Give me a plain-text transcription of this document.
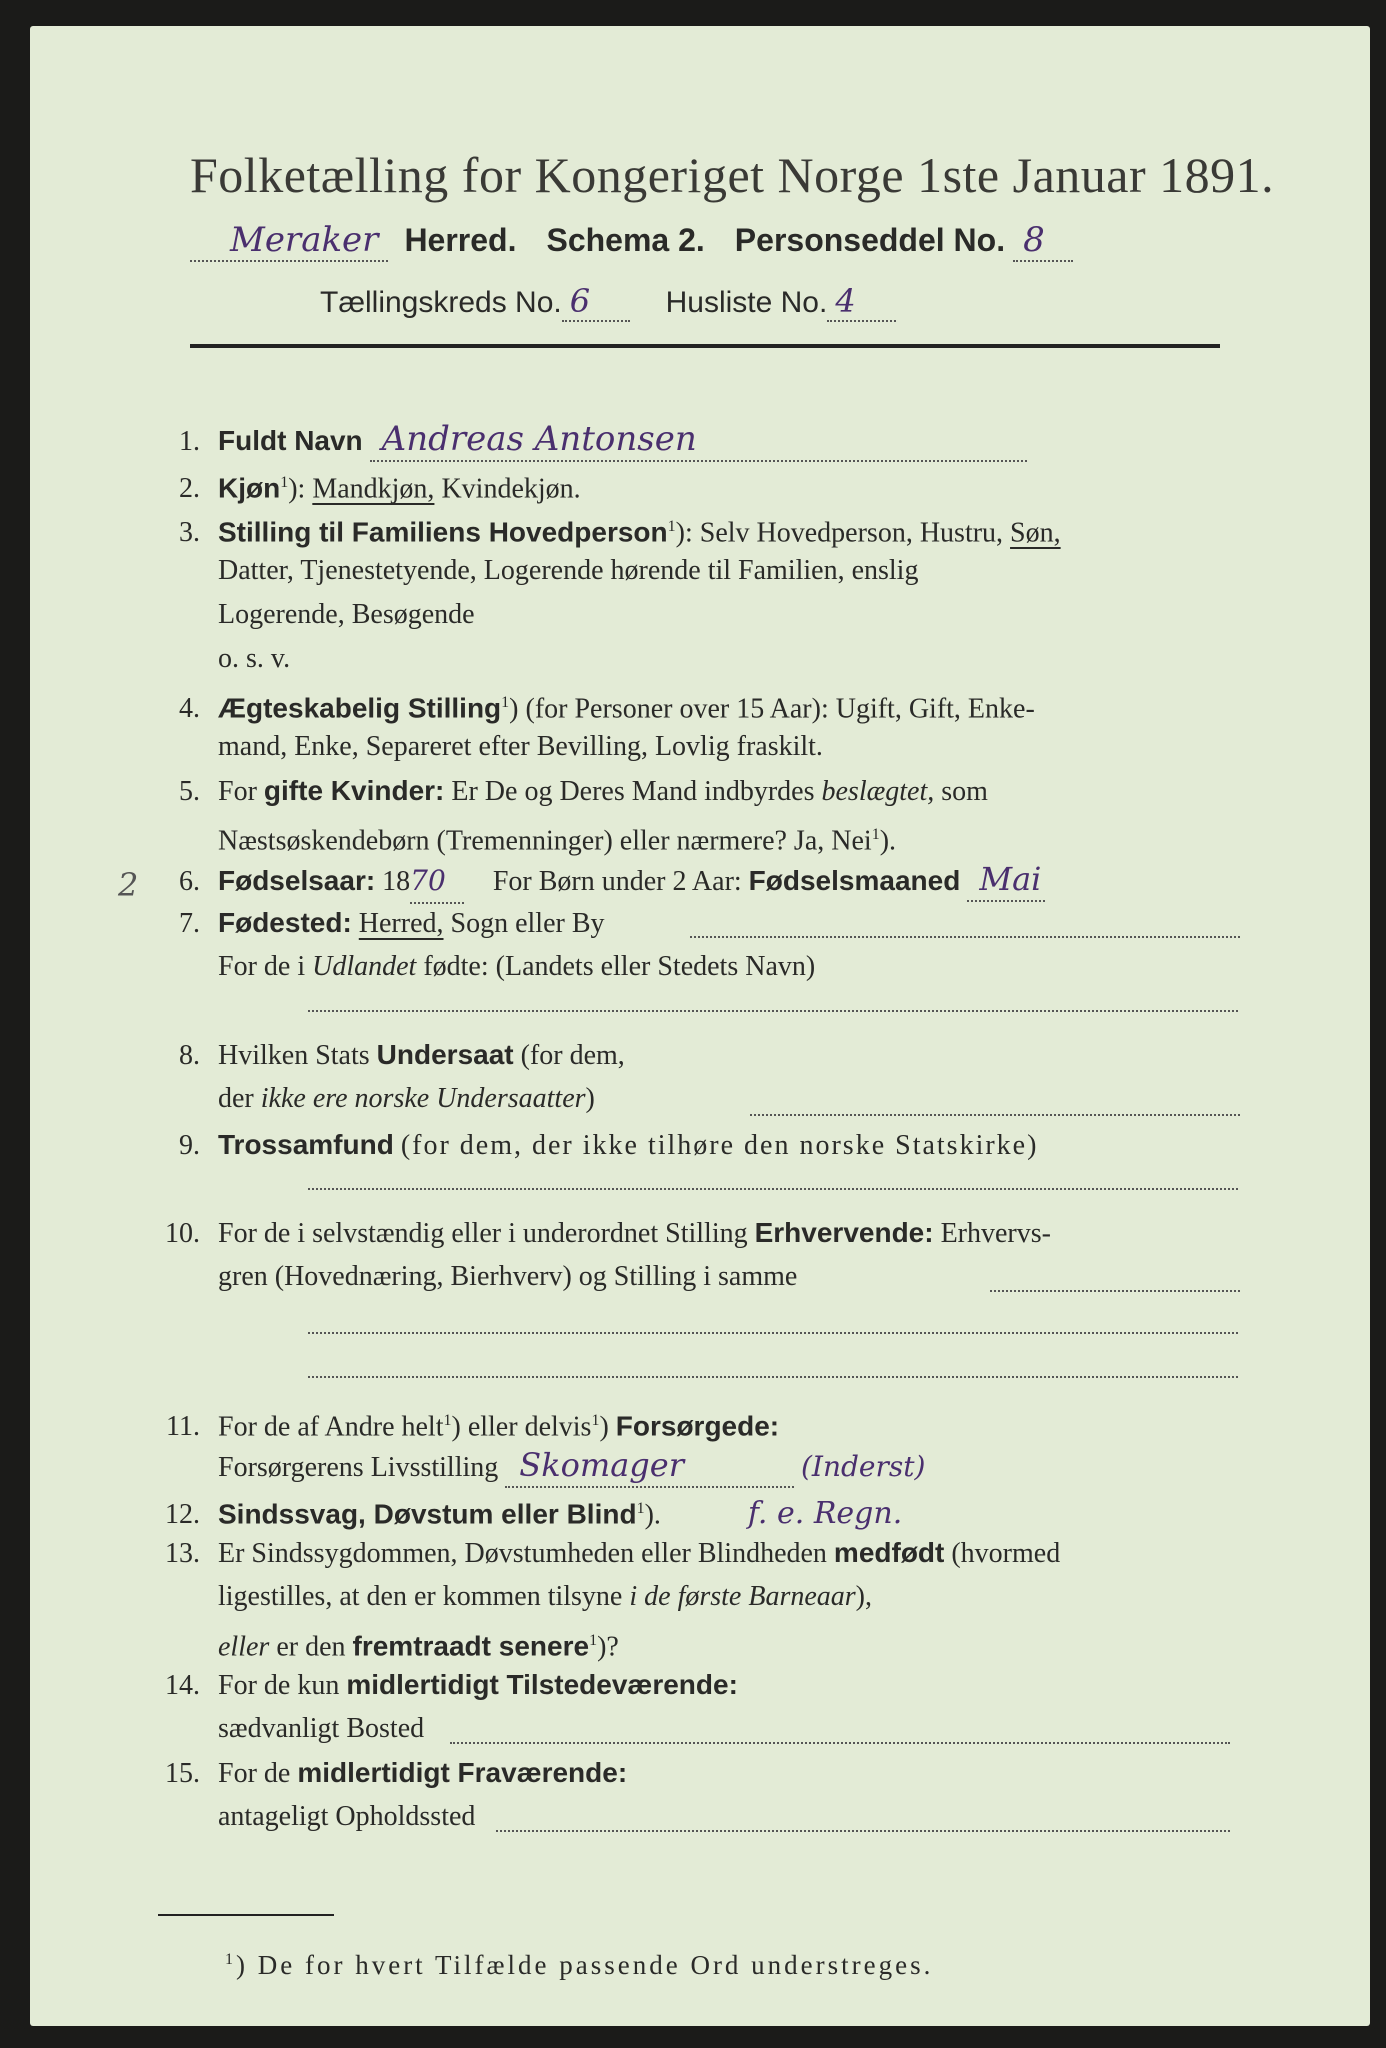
Folketælling for Kongeriget Norge 1ste Januar 1891.
Meraker Herred. Schema 2. Personseddel No. 8
Tællingskreds No. 6	Husliste No. 4
1. Fuldt Navn Andreas Antonsen
2. Kjøn$^1$): Mandkjøn, Kvindekjøn.
3. Stilling til Familiens Hovedperson$^1$): Selv Hovedperson, Hustru, Søn,
Datter, Tjenestetyende, Logerende hørende til Familien, enslig
Logerende, Besøgende
o. s. v.
4. Ægteskabelig Stilling$^1$) (for Personer over 15 Aar): Ugift, Gift, Enke-
mand, Enke, Separeret efter Bevilling, Lovlig fraskilt.
5. For gifte Kvinder: Er De og Deres Mand indbyrdes beslægtet, som
Næstsøskendebørn (Tremenninger) eller nærmere? Ja, Nei$^1$).
6. Fødselsaar: 1870 For Børn under 2 Aar: Fødselsmaaned Mai
2
7. Fødested: Herred, Sogn eller By
For de i Udlandet fødte: (Landets eller Stedets Navn)
8. Hvilken Stats Undersaat (for dem,
der ikke ere norske Undersaatter)
9. Trossamfund (for dem, der ikke tilhøre den norske Statskirke)
10. For de i selvstændig eller i underordnet Stilling Erhvervende: Erhvervs-
gren (Hovednæring, Bierhverv) og Stilling i samme
11. For de af Andre helt$^1$) eller delvis$^1$) Forsørgede:
Forsørgerens Livsstilling Skomager	(Inderst)
12. Sindssvag, Døvstum eller Blind$^1$).	f. e. Regn.
13. Er Sindssygdommen, Døvstumheden eller Blindheden medfødt (hvormed
ligestilles, at den er kommen tilsyne i de første Barneaar),
eller er den fremtraadt senere$^1$)?
14. For de kun midlertidigt Tilstedeværende:
sædvanligt Bosted
15. For de midlertidigt Fraværende:
antageligt Opholdssted
$^1$) De for hvert Tilfælde passende Ord understreges.
